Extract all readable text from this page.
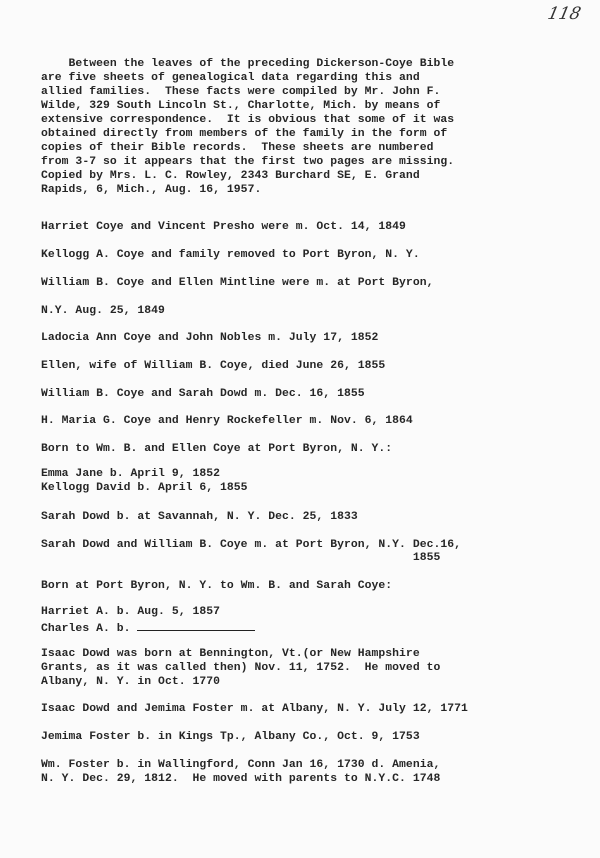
118
Between the leaves of the preceding Dickerson-Coye Bible
are five sheets of genealogical data regarding this and
allied families.  These facts were compiled by Mr. John F.
Wilde, 329 South Lincoln St., Charlotte, Mich. by means of
extensive correspondence.  It is obvious that some of it was
obtained directly from members of the family in the form of
copies of their Bible records.  These sheets are numbered
from 3-7 so it appears that the first two pages are missing.
Copied by Mrs. L. C. Rowley, 2343 Burchard SE, E. Grand
Rapids, 6, Mich., Aug. 16, 1957.
Harriet Coye and Vincent Presho were m. Oct. 14, 1849
Kellogg A. Coye and family removed to Port Byron, N. Y.
William B. Coye and Ellen Mintline were m. at Port Byron,
N.Y. Aug. 25, 1849
Ladocia Ann Coye and John Nobles m. July 17, 1852
Ellen, wife of William B. Coye, died June 26, 1855
William B. Coye and Sarah Dowd m. Dec. 16, 1855
H. Maria G. Coye and Henry Rockefeller m. Nov. 6, 1864
Born to Wm. B. and Ellen Coye at Port Byron, N. Y.:
Emma Jane b. April 9, 1852
Kellogg David b. April 6, 1855
Sarah Dowd b. at Savannah, N. Y. Dec. 25, 1833
Sarah Dowd and William B. Coye m. at Port Byron, N.Y. Dec.16,
1855
Born at Port Byron, N. Y. to Wm. B. and Sarah Coye:
Harriet A. b. Aug. 5, 1857
Charles A. b.
Isaac Dowd was born at Bennington, Vt.(or New Hampshire
Grants, as it was called then) Nov. 11, 1752.  He moved to
Albany, N. Y. in Oct. 1770
Isaac Dowd and Jemima Foster m. at Albany, N. Y. July 12, 1771
Jemima Foster b. in Kings Tp., Albany Co., Oct. 9, 1753
Wm. Foster b. in Wallingford, Conn Jan 16, 1730 d. Amenia,
N. Y. Dec. 29, 1812.  He moved with parents to N.Y.C. 1748
